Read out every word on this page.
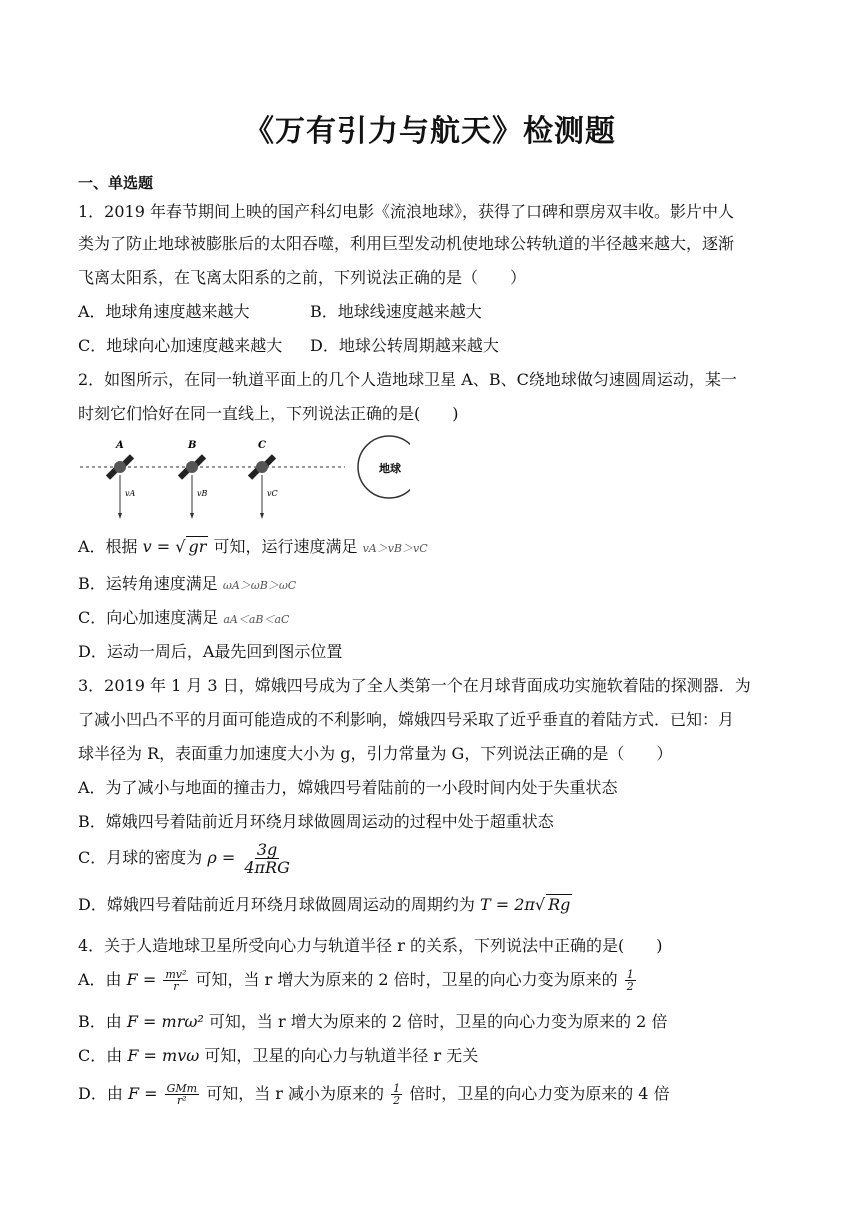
《万有引力与航天》检测题
一、单选题
1．2019 年春节期间上映的国产科幻电影《流浪地球》，获得了口碑和票房双丰收。影片中人
类为了防止地球被膨胀后的太阳吞噬，利用巨型发动机使地球公转轨道的半径越来越大，逐渐
飞离太阳系，在飞离太阳系的之前，下列说法正确的是（　　）
A．地球角速度越来越大	B．地球线速度越来越大
C．地球向心加速度越来越大 D．地球公转周期越来越大
2．如图所示，在同一轨道平面上的几个人造地球卫星 A、B、C绕地球做匀速圆周运动，某一
时刻它们恰好在同一直线上，下列说法正确的是(　　)
地球
A	B	C
vA	vB	vC
A．根据 v = √ gr 可知，运行速度满足 vA＞vB＞vC
B．运转角速度满足 ωA＞ωB＞ωC
C．向心加速度满足 aA＜aB＜aC
D．运动一周后，A最先回到图示位置
3．2019 年 1 月 3 日，嫦娥四号成为了全人类第一个在月球背面成功实施软着陆的探测器．为
了减小凹凸不平的月面可能造成的不利影响，嫦娥四号采取了近乎垂直的着陆方式．已知：月
球半径为 R，表面重力加速度大小为 g，引力常量为 G，下列说法正确的是（　　）
A．为了减小与地面的撞击力，嫦娥四号着陆前的一小段时间内处于失重状态
B．嫦娥四号着陆前近月环绕月球做圆周运动的过程中处于超重状态
C．月球的密度为 $\rho = \frac{3g}{\text{4πRG}}$
D．嫦娥四号着陆前近月环绕月球做圆周运动的周期约为 T = 2π√ Rg
4．关于人造地球卫星所受向心力与轨道半径 r 的关系，下列说法中正确的是(　　)
A．由 $F = \frac{\text{mv²}}{r}$ 可知，当 r 增大为原来的 2 倍时，卫星的向心力变为原来的 $\frac{1}{2}$
B．由 F = mrω² 可知，当 r 增大为原来的 2 倍时，卫星的向心力变为原来的 2 倍
C．由 F = mvω 可知，卫星的向心力与轨道半径 r 无关
D．由 $F = \frac{\text{GMm}}{\text{r²}}$ 可知，当 r 减小为原来的 $\frac{1}{2}$ 倍时，卫星的向心力变为原来的 4 倍
